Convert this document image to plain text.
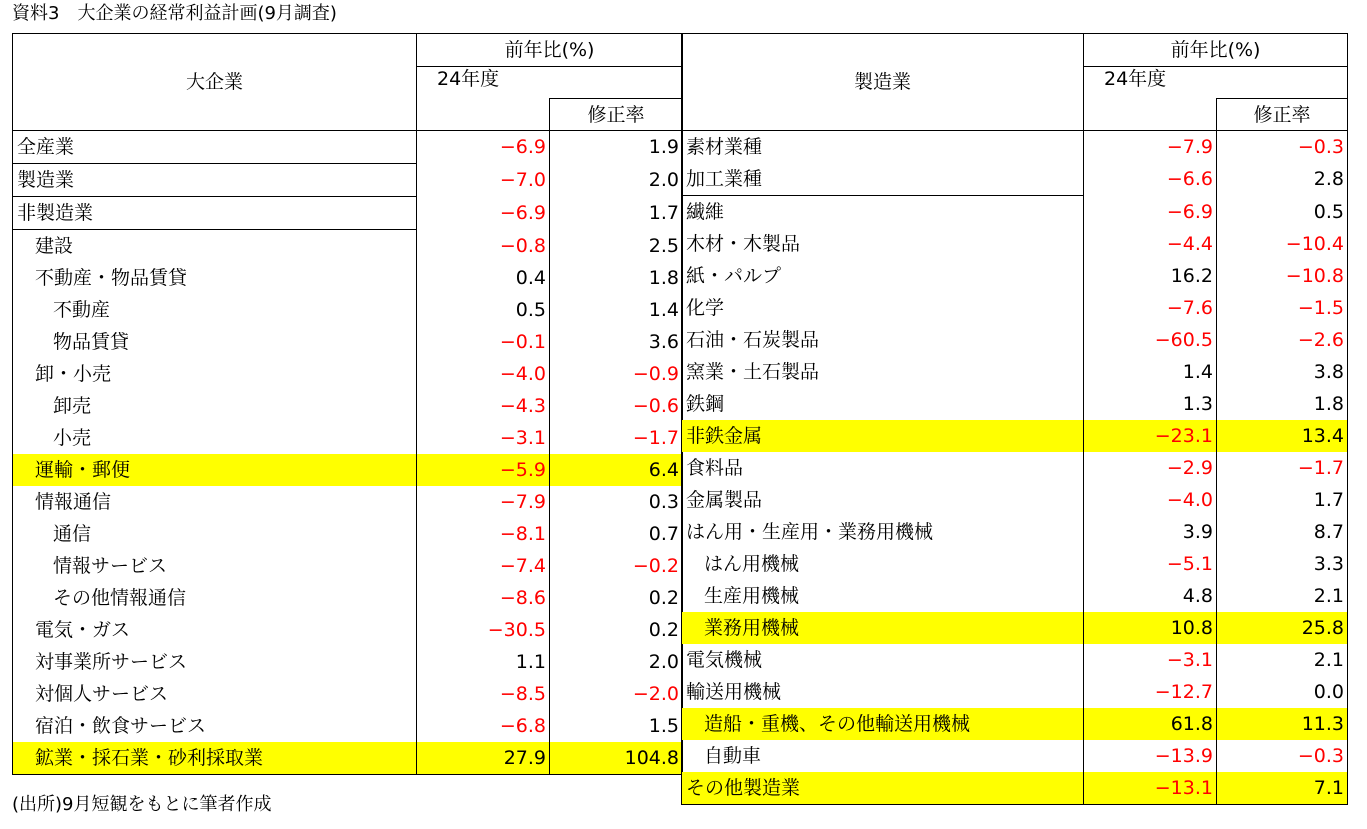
資料3　大企業の経常利益計画(9月調査)
大企業	前年比(%)	
	24年度	
		修正率
全産業	−6.9	1.9
製造業	−7.0	2.0
非製造業	−6.9	1.7
建設	−0.8	2.5
不動産・物品賃貸	0.4	1.8
不動産	0.5	1.4
物品賃貸	−0.1	3.6
卸・小売	−4.0	−0.9
卸売	−4.3	−0.6
小売	−3.1	−1.7
運輸・郵便	−5.9	6.4
情報通信	−7.9	0.3
通信	−8.1	0.7
情報サービス	−7.4	−0.2
その他情報通信	−8.6	0.2
電気・ガス	−30.5	0.2
対事業所サービス	1.1	2.0
対個人サービス	−8.5	−2.0
宿泊・飲食サービス	−6.8	1.5
鉱業・採石業・砂利採取業	27.9	104.8
製造業	前年比(%)	
	24年度	
		修正率
素材業種	−7.9	−0.3
加工業種	−6.6	2.8
繊維	−6.9	0.5
木材・木製品	−4.4	−10.4
紙・パルプ	16.2	−10.8
化学	−7.6	−1.5
石油・石炭製品	−60.5	−2.6
窯業・土石製品	1.4	3.8
鉄鋼	1.3	1.8
非鉄金属	−23.1	13.4
食料品	−2.9	−1.7
金属製品	−4.0	1.7
はん用・生産用・業務用機械	3.9	8.7
はん用機械	−5.1	3.3
生産用機械	4.8	2.1
業務用機械	10.8	25.8
電気機械	−3.1	2.1
輸送用機械	−12.7	0.0
造船・重機、その他輸送用機械	61.8	11.3
自動車	−13.9	−0.3
その他製造業	−13.1	7.1
(出所)9月短観をもとに筆者作成
